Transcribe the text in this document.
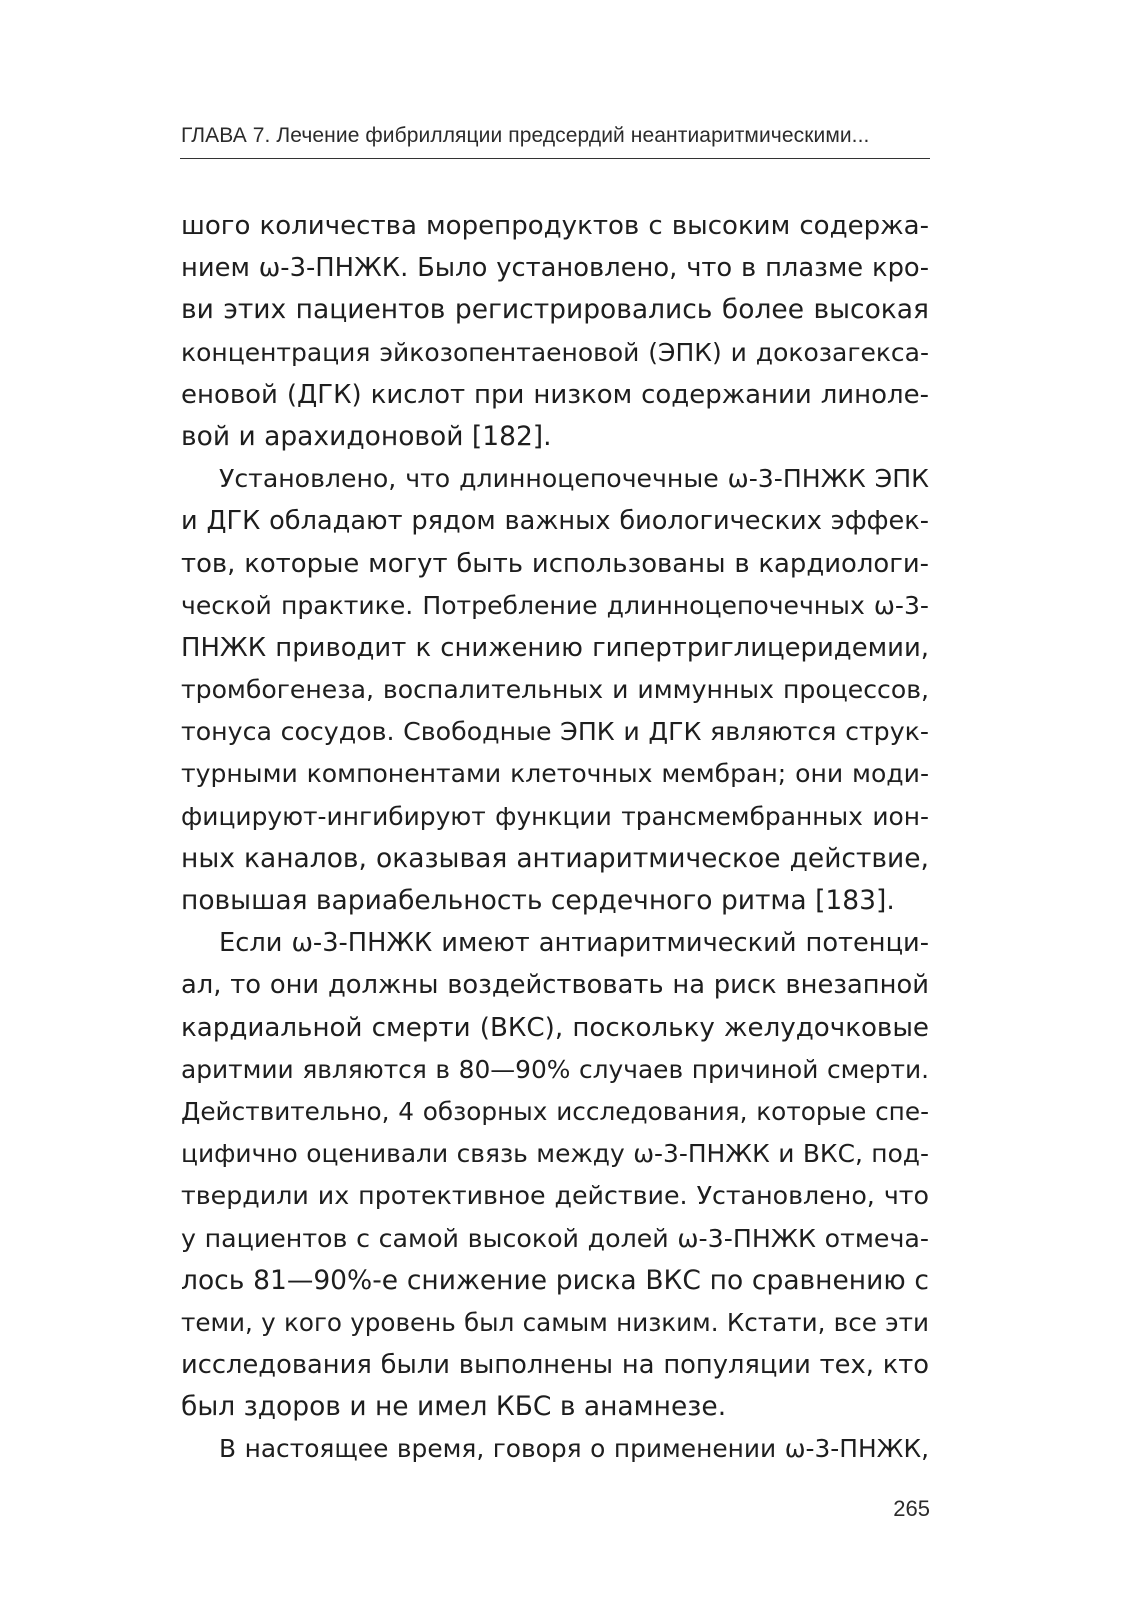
ГЛАВА 7. Лечение фибрилляции предсердий неантиаритмическими...
шого количества морепродуктов с высоким содержа-
нием ω-3-ПНЖК. Было установлено, что в плазме кро-
ви этих пациентов регистрировались более высокая
концентрация эйкозопентаеновой (ЭПК) и докозагекса-
еновой (ДГК) кислот при низком содержании линоле-
вой и арахидоновой [182].
Установлено, что длинноцепочечные ω-3-ПНЖК ЭПК
и ДГК обладают рядом важных биологических эффек-
тов, которые могут быть использованы в кардиологи-
ческой практике. Потребление длинноцепочечных ω-3-
ПНЖК приводит к снижению гипертриглицеридемии,
тромбогенеза, воспалительных и иммунных процессов,
тонуса сосудов. Свободные ЭПК и ДГК являются струк-
турными компонентами клеточных мембран; они моди-
фицируют-ингибируют функции трансмембранных ион-
ных каналов, оказывая антиаритмическое действие,
повышая вариабельность сердечного ритма [183].
Если ω-3-ПНЖК имеют антиаритмический потенци-
ал, то они должны воздействовать на риск внезапной
кардиальной смерти (ВКС), поскольку желудочковые
аритмии являются в 80—90% случаев причиной смерти.
Действительно, 4 обзорных исследования, которые спе-
цифично оценивали связь между ω-3-ПНЖК и ВКС, под-
твердили их протективное действие. Установлено, что
у пациентов с самой высокой долей ω-3-ПНЖК отмеча-
лось 81—90%-е снижение риска ВКС по сравнению с
теми, у кого уровень был самым низким. Кстати, все эти
исследования были выполнены на популяции тех, кто
был здоров и не имел КБС в анамнезе.
В настоящее время, говоря о применении ω-3-ПНЖК,
265
